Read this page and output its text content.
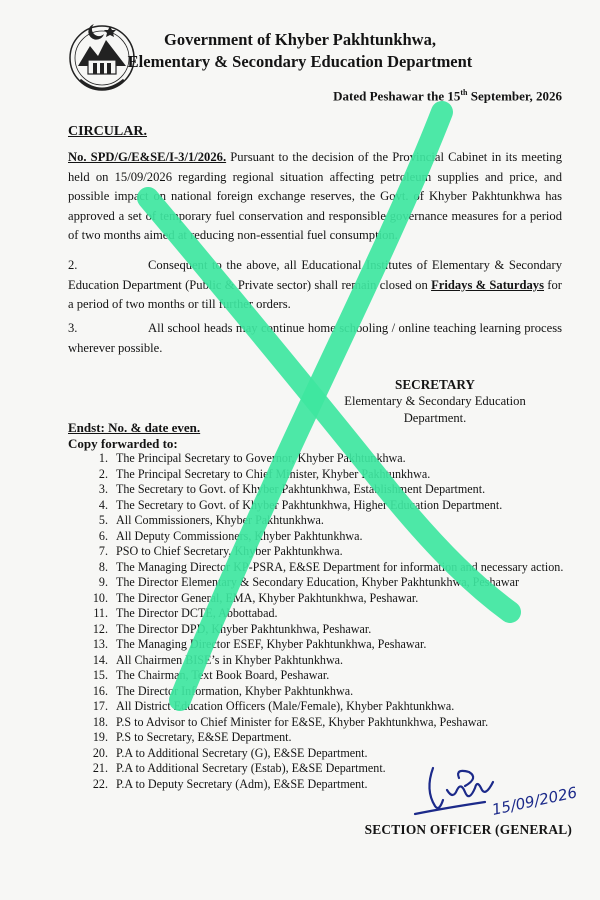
Government of Khyber Pakhtunkhwa,
Elementary & Secondary Education Department
Dated Peshawar the 15th September, 2026
CIRCULAR.
No. SPD/G/E&SE/I-3/1/2026. Pursuant to the decision of the Provincial Cabinet in its meeting held on 15/09/2026 regarding regional situation affecting petroleum supplies and price, and possible impact on national foreign exchange reserves, the Govt. of Khyber Pakhtunkhwa has approved a set of temporary fuel conservation and responsible governance measures for a period of two months aimed at reducing non-essential fuel consumption.
2.	Consequent to the above, all Educational Institutes of Elementary & Secondary Education Department (Public & Private sector) shall remain closed on Fridays & Saturdays for a period of two months or till further orders.
3.	All school heads may continue home schooling / online teaching learning process wherever possible.
SECRETARY
Elementary & Secondary Education
Department.
Endst: No. & date even.
Copy forwarded to:
1. The Principal Secretary to Governor, Khyber Pakhtunkhwa.
2. The Principal Secretary to Chief Minister, Khyber Pakhtunkhwa.
3. The Secretary to Govt. of Khyber Pakhtunkhwa, Establishment Department.
4. The Secretary to Govt. of Khyber Pakhtunkhwa, Higher Education Department.
5. All Commissioners, Khyber Pakhtunkhwa.
6. All Deputy Commissioners, Khyber Pakhtunkhwa.
7. PSO to Chief Secretary, Khyber Pakhtunkhwa.
8. The Managing Director KP-PSRA, E&SE Department for information and necessary action.
9. The Director Elementary & Secondary Education, Khyber Pakhtunkhwa, Peshawar
10. The Director General, EMA, Khyber Pakhtunkhwa, Peshawar.
11. The Director DCTE, Abbottabad.
12. The Director DPD, Khyber Pakhtunkhwa, Peshawar.
13. The Managing Director ESEF, Khyber Pakhtunkhwa, Peshawar.
14. All Chairmen BISE’s in Khyber Pakhtunkhwa.
15. The Chairman, Text Book Board, Peshawar.
16. The Director Information, Khyber Pakhtunkhwa.
17. All District Education Officers (Male/Female), Khyber Pakhtunkhwa.
18. P.S to Advisor to Chief Minister for E&SE, Khyber Pakhtunkhwa, Peshawar.
19. P.S to Secretary, E&SE Department.
20. P.A to Additional Secretary (G), E&SE Department.
21. P.A to Additional Secretary (Estab), E&SE Department.
22. P.A to Deputy Secretary (Adm), E&SE Department.	15/09/2026
SECTION OFFICER (GENERAL)
